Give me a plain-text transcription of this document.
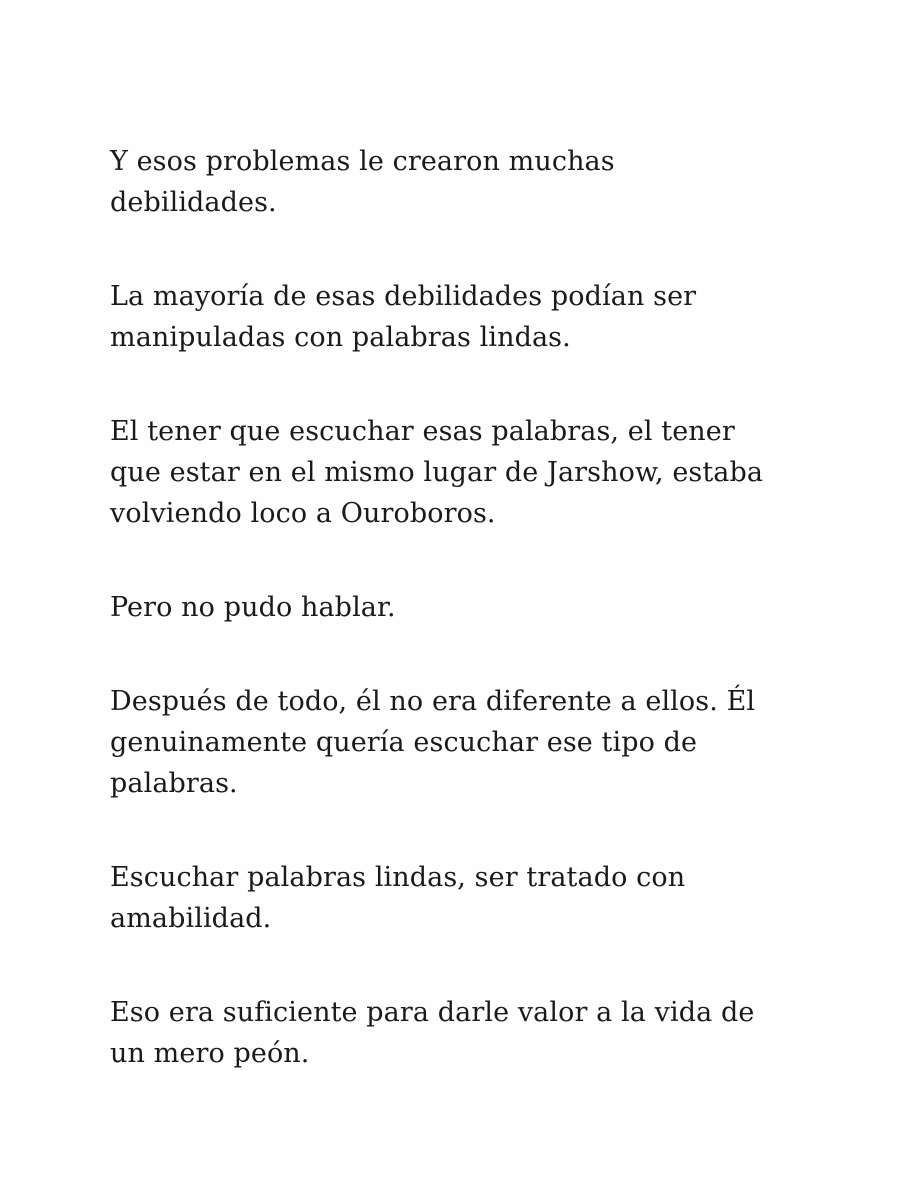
Y esos problemas le crearon muchas
debilidades.

La mayoría de esas debilidades podían ser
manipuladas con palabras lindas.

El tener que escuchar esas palabras, el tener
que estar en el mismo lugar de Jarshow, estaba
volviendo loco a Ouroboros.

Pero no pudo hablar.

Después de todo, él no era diferente a ellos. Él
genuinamente quería escuchar ese tipo de
palabras.

Escuchar palabras lindas, ser tratado con
amabilidad.

Eso era suficiente para darle valor a la vida de
un mero peón.
